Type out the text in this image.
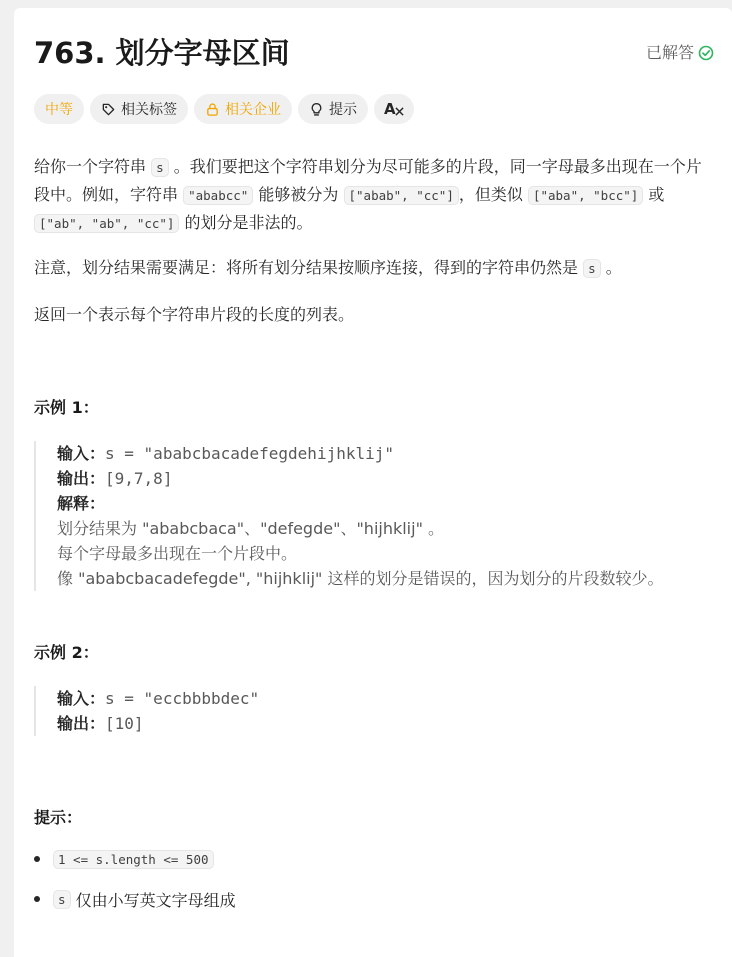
763. 划分字母区间	已解答
中等	相关标签	相关企业	提示 A
给你一个字符串 s 。我们要把这个字符串划分为尽可能多的片段，同一字母最多出现在一个片段中。例如，字符串 "ababcc" 能够被分为 ["abab", "cc"] ，但类似 ["aba", "bcc"] 或 ["ab", "ab", "cc"] 的划分是非法的。
注意，划分结果需要满足：将所有划分结果按顺序连接，得到的字符串仍然是 s 。
返回一个表示每个字符串片段的长度的列表。
示例 1：
输入：s = "ababcbacadefegdehijhklij"
输出：[9,7,8]
解释：
划分结果为 "ababcbaca"、"defegde"、"hijhklij" 。
每个字母最多出现在一个片段中。
像 "ababcbacadefegde", "hijhklij" 这样的划分是错误的，因为划分的片段数较少。
示例 2：
输入：s = "eccbbbbdec"
输出：[10]
提示：
1 <= s.length <= 500
s 仅由小写英文字母组成
